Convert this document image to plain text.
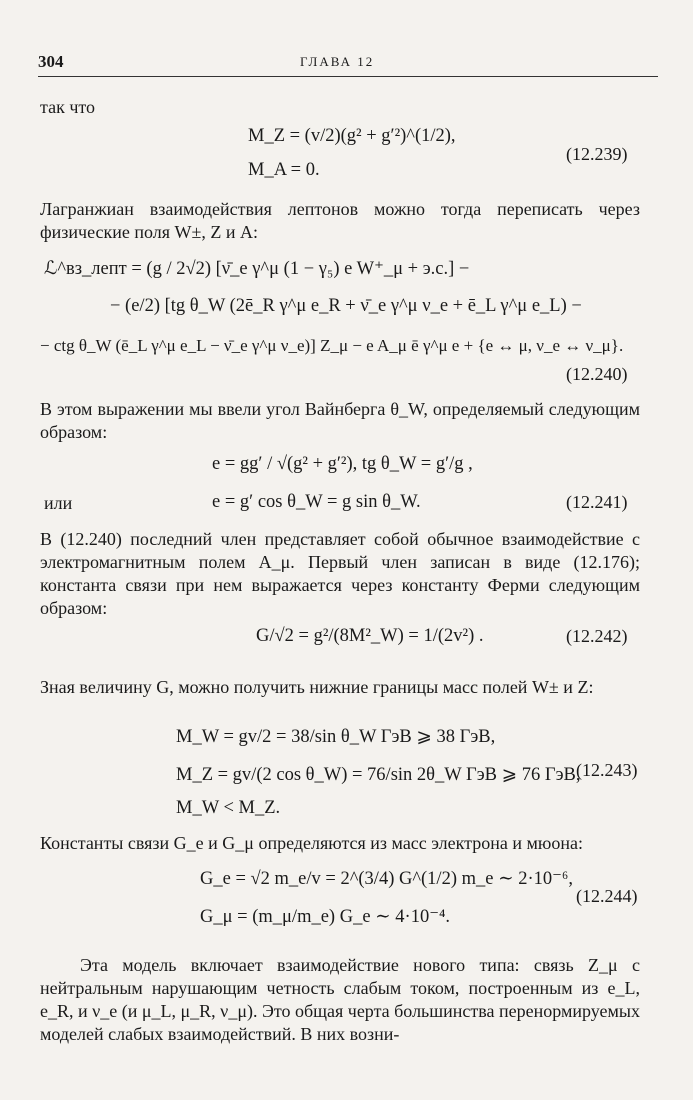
304	ГЛАВА 12
так что
M_Z = (v/2)(g² + g′²)^(1/2),
M_A = 0.
(12.239)
Лагранжиан взаимодействия лептонов можно тогда переписать через физические поля W±, Z и A:
ℒ^вз_лепт = (g / 2√2) [ν̄_e γ^μ (1 − γ₅) e W⁺_μ + э.с.] −
− (e/2) [tg θ_W (2ē_R γ^μ e_R + ν̄_e γ^μ ν_e + ē_L γ^μ e_L) −
− ctg θ_W (ē_L γ^μ e_L − ν̄_e γ^μ ν_e)] Z_μ − e A_μ ē γ^μ e + {e ↔ μ, ν_e ↔ ν_μ}.
(12.240)
В этом выражении мы ввели угол Вайнберга θ_W, определяемый следующим образом:
e = gg′ / √(g² + g′²), tg θ_W = g′/g ,
или	e = g′ cos θ_W = g sin θ_W.	(12.241)
В (12.240) последний член представляет собой обычное взаимодействие с электромагнитным полем A_μ. Первый член записан в виде (12.176); константа связи при нем выражается через константу Ферми следующим образом:
G/√2 = g²/(8M²_W) = 1/(2v²) .	(12.242)
Зная величину G, можно получить нижние границы масс полей W± и Z:
M_W = gv/2 = 38/sin θ_W ГэВ ⩾ 38 ГэВ,
M_Z = gv/(2 cos θ_W) = 76/sin 2θ_W ГэВ ⩾ 76 ГэВ,
M_W < M_Z.
(12.243)
Константы связи G_e и G_μ определяются из масс электрона и мюона:
G_e = √2 m_e/v = 2^(3/4) G^(1/2) m_e ∼ 2·10⁻⁶,
G_μ = (m_μ/m_e) G_e ∼ 4·10⁻⁴.
(12.244)
Эта модель включает взаимодействие нового типа: связь Z_μ с нейтральным нарушающим четность слабым током, построенным из e_L, e_R, и ν_e (и μ_L, μ_R, ν_μ). Это общая черта большинства перенормируемых моделей слабых взаимодействий. В них возни-
